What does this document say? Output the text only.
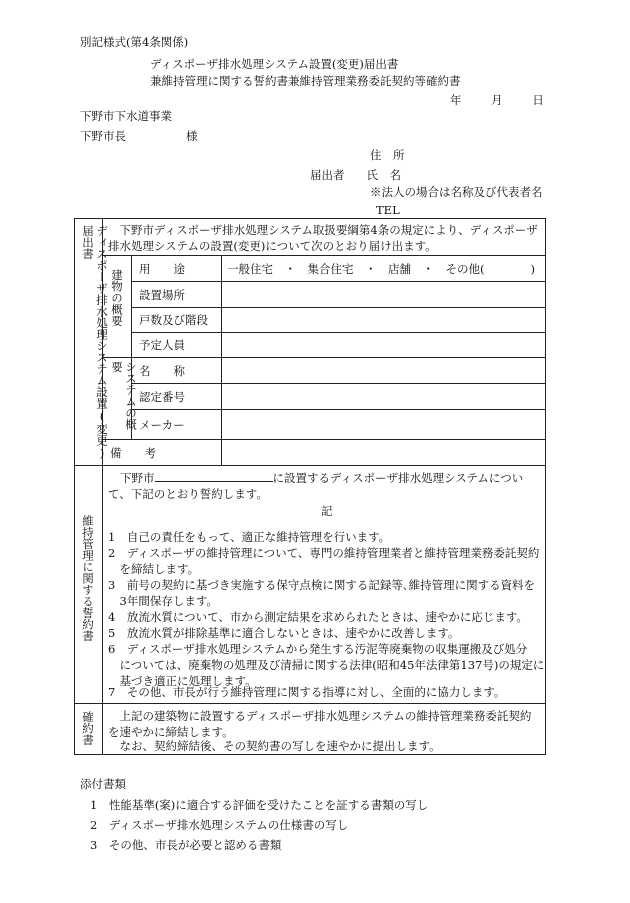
別記様式(第4条関係)
ディスポーザ排水処理システム設置(変更)届出書
兼維持管理に関する誓約書兼維持管理業務委託契約等確約書
年	月	日
下野市下水道事業
下野市長	様
住　所
届出者 氏　名
※法人の場合は名称及び代表者名
TEL
ディスポーザ排水処理システム設置(変更)届出書	　下野市ディスポーザ排水処理システム取扱要綱第4条の規定により、ディスポーザ排水処理システムの設置(変更)について次のとおり届け出ます。
建物の概要 用　　途	一般住宅　・　集合住宅　・　店舗　・　その他(　　　　)
設置場所
戸数及び階段
予定人員
システムの概要	名　　称
認定番号
メーカー
備　　考
維持管理に関する誓約書
下野市	に設置するディスポーザ排水処理システムについて、下記のとおり誓約します。
記
1　自己の責任をもって、適正な維持管理を行います。
2　ディスポーザの維持管理について、専門の維持管理業者と維持管理業務委託契約
　を締結します。
3　前号の契約に基づき実施する保守点検に関する記録等､維持管理に関する資料を
　3年間保存します。
4　放流水質について、市から測定結果を求められたときは、速やかに応じます。
5　放流水質が排除基準に適合しないときは、速やかに改善します。
6　ディスポーザ排水処理システムから発生する汚泥等廃棄物の収集運搬及び処分
　については、廃棄物の処理及び清掃に関する法律(昭和45年法律第137号)の規定に
　基づき適正に処理します。
7　その他、市長が行う維持管理に関する指導に対し、全面的に協力します。
確約書 　上記の建築物に設置するディスポーザ排水処理システムの維持管理業務委託契約
を速やかに締結します。
　なお、契約締結後、その契約書の写しを速やかに提出します。
添付書類
1　性能基準(案)に適合する評価を受けたことを証する書類の写し
2　ディスポーザ排水処理システムの仕様書の写し
3　その他、市長が必要と認める書類
